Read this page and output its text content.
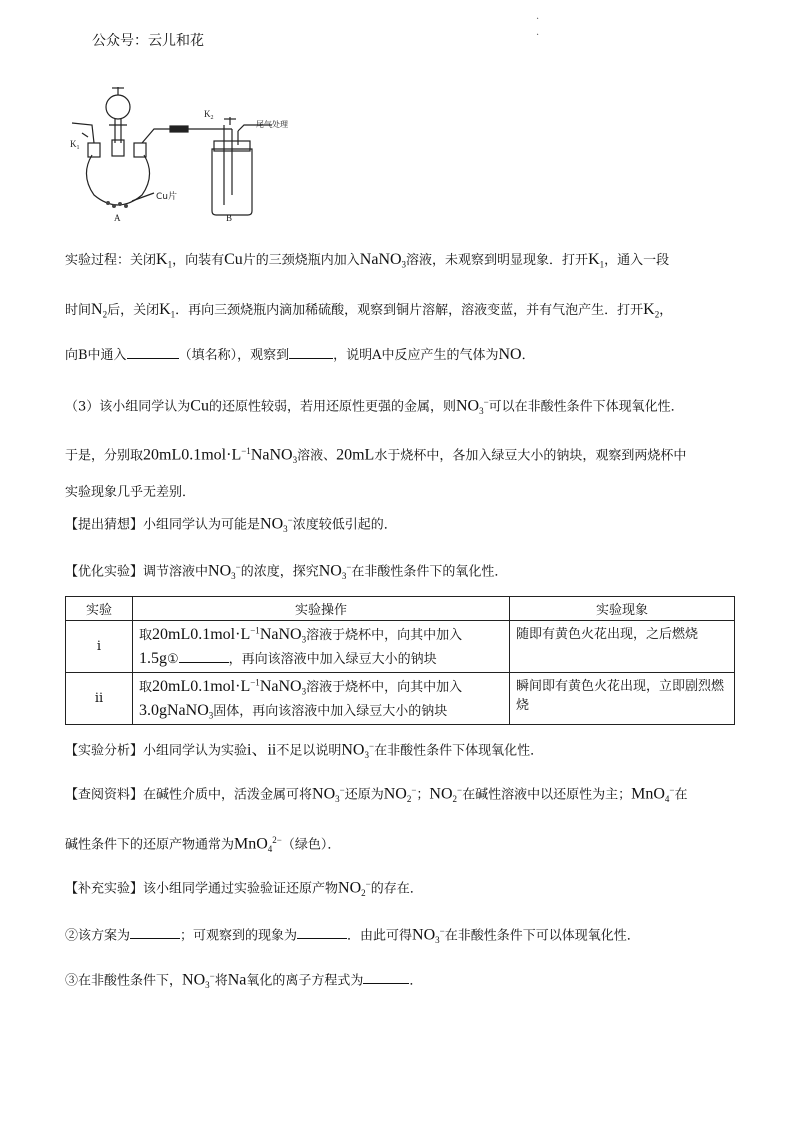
公众号：云儿和花
·
·
$K_1$
$K_2$
尾气处理
Cu片
A	B
实验过程：关闭$K_1$，向装有Cu片的三颈烧瓶内加入NaNO$_3$溶液，未观察到明显现象．打开$K_1$，通入一段
时间$N_2$后，关闭$K_1$．再向三颈烧瓶内滴加稀硫酸，观察到铜片溶解，溶液变蓝，并有气泡产生．打开$K_2$，
向B中通入	（填名称），观察到	，说明A中反应产生的气体为NO．
（3）该小组同学认为Cu的还原性较弱，若用还原性更强的金属，则$NO_3^-$可以在非酸性条件下体现氧化性．
于是，分别取$20mL0.1mol\cdot L^{-1}NaNO_3$溶液、20mL水于烧杯中，各加入绿豆大小的钠块，观察到两烧杯中
实验现象几乎无差别．
【提出猜想】小组同学认为可能是$NO_3^-$浓度较低引起的．
【优化实验】调节溶液中$NO_3^-$的浓度，探究$NO_3^-$在非酸性条件下的氧化性．
实验	实验操作	实验现象
i	取$20mL0.1mol\cdot L^{-1}NaNO_3$溶液于烧杯中，向其中加入
1.5g① ，再向该溶液中加入绿豆大小的钠块	随即有黄色火花出现，之后燃烧
ii	取$20mL0.1mol\cdot L^{-1}NaNO_3$溶液于烧杯中，向其中加入
3.0gNaNO$_3$固体，再向该溶液中加入绿豆大小的钠块	瞬间即有黄色火花出现，立即剧烈燃烧
【实验分析】小组同学认为实验i、ii不足以说明$NO_3^-$在非酸性条件下体现氧化性．
【查阅资料】在碱性介质中，活泼金属可将$NO_3^-$还原为$NO_2^-$；$NO_2^-$在碱性溶液中以还原性为主；MnO$_4$−在
碱性条件下的还原产物通常为MnO$_4^{2-}$（绿色）．
【补充实验】该小组同学通过实验验证还原产物$NO_2^-$的存在．
②该方案为	；可观察到的现象为	．由此可得$NO_3^-$在非酸性条件下可以体现氧化性．
③在非酸性条件下，$NO_3^-$将Na氧化的离子方程式为	．
